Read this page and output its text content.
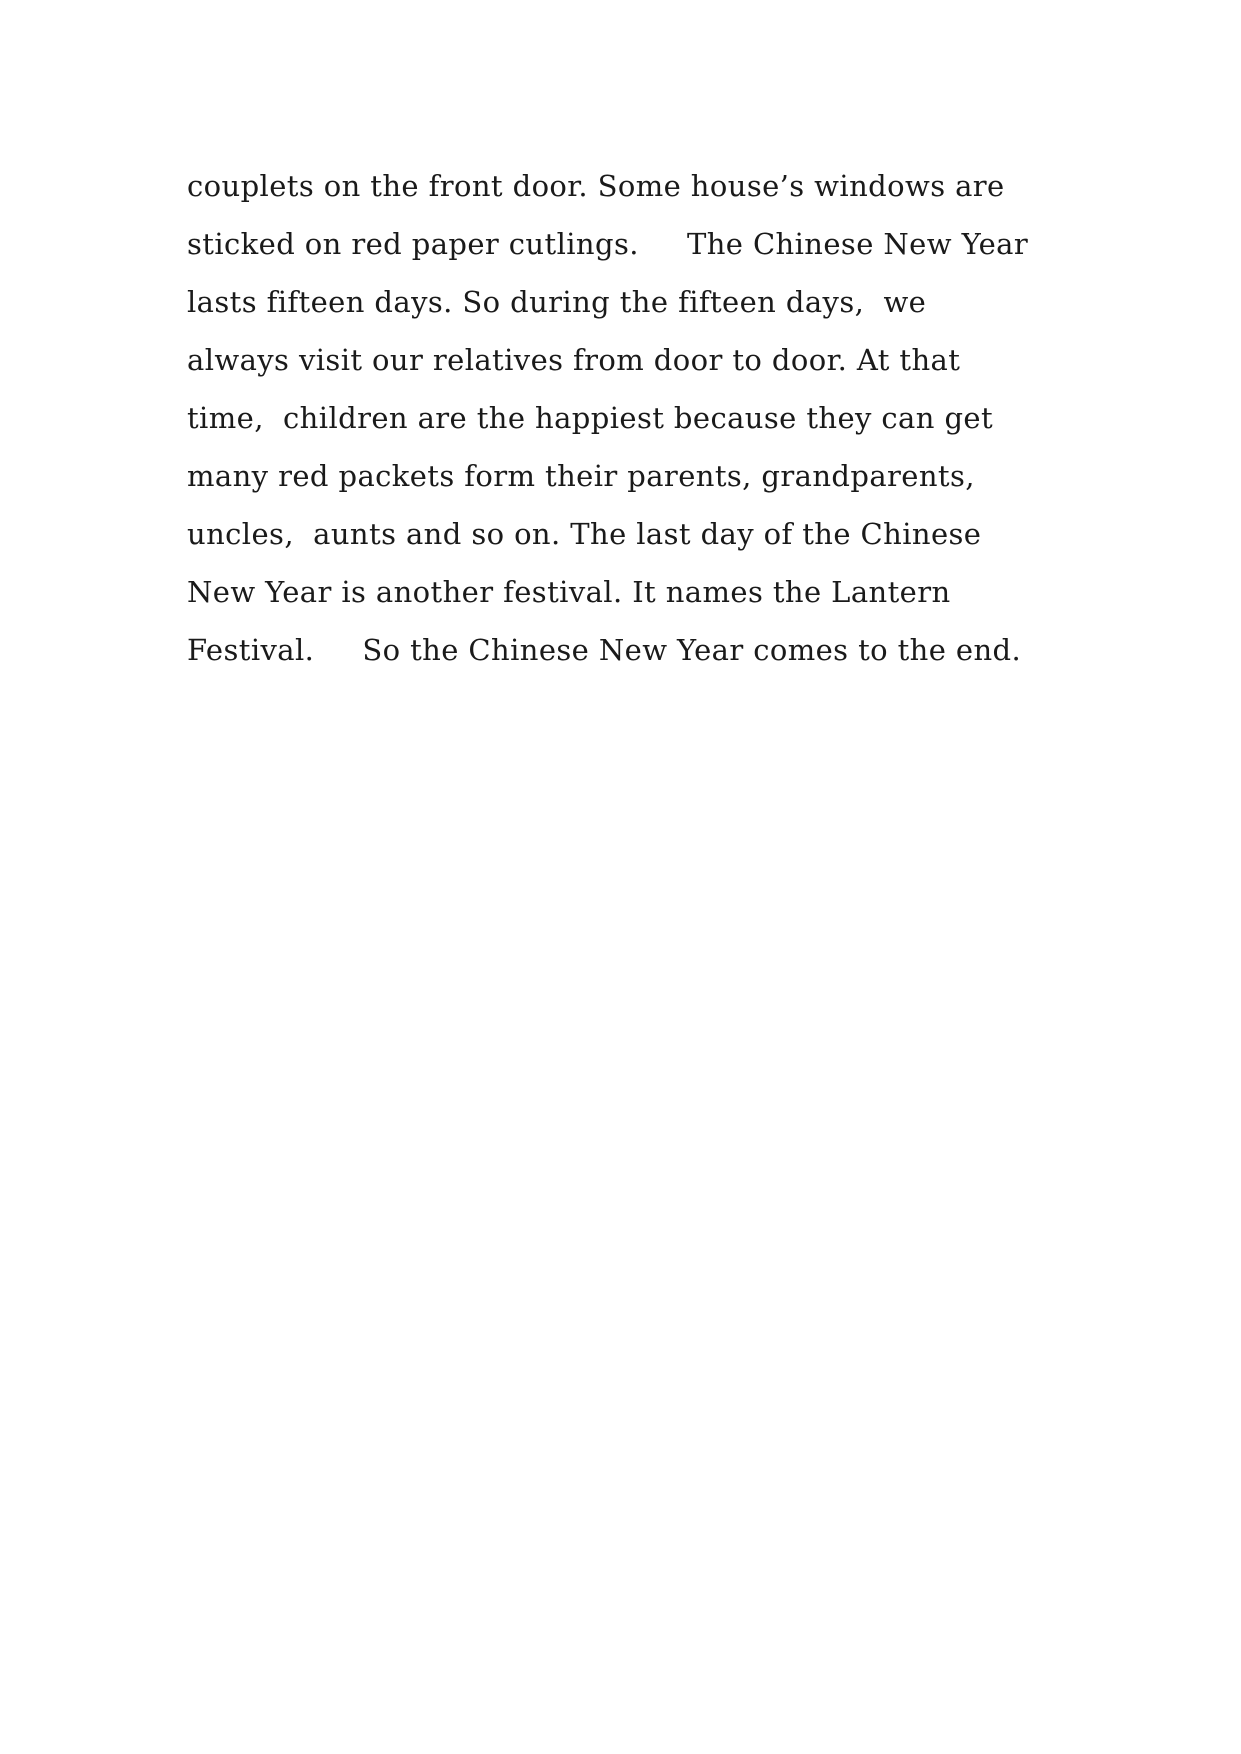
couplets on the front door. Some house’s windows are
sticked on red paper cutlings.     The Chinese New Year
lasts fifteen days. So during the fifteen days,  we
always visit our relatives from door to door. At that
time,  children are the happiest because they can get
many red packets form their parents, grandparents,
uncles,  aunts and so on. The last day of the Chinese
New Year is another festival. It names the Lantern
Festival.     So the Chinese New Year comes to the end.
